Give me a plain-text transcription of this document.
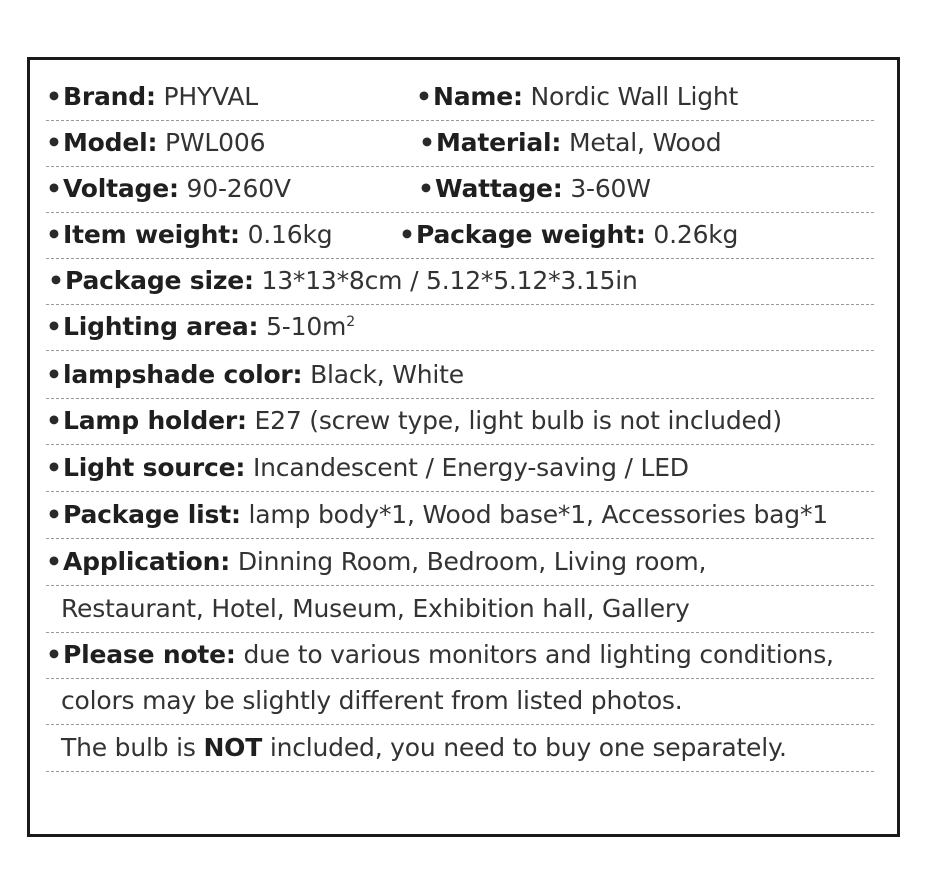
•Brand: PHYVAL	•Name: Nordic Wall Light
•Model: PWL006	•Material: Metal, Wood
•Voltage: 90-260V	•Wattage: 3-60W
•Item weight: 0.16kg	•Package weight: 0.26kg
•Package size: 13*13*8cm / 5.12*5.12*3.15in
•Lighting area: $5-10m^2$
•lampshade color: Black, White
•Lamp holder: E27 (screw type, light bulb is not included)
•Light source: Incandescent / Energy-saving / LED
•Package list: lamp body*1, Wood base*1, Accessories bag*1
•Application: Dinning Room, Bedroom, Living room,
Restaurant, Hotel, Museum, Exhibition hall, Gallery
•Please note: due to various monitors and lighting conditions,
colors may be slightly different from listed photos.
The bulb is NOT included, you need to buy one separately.
